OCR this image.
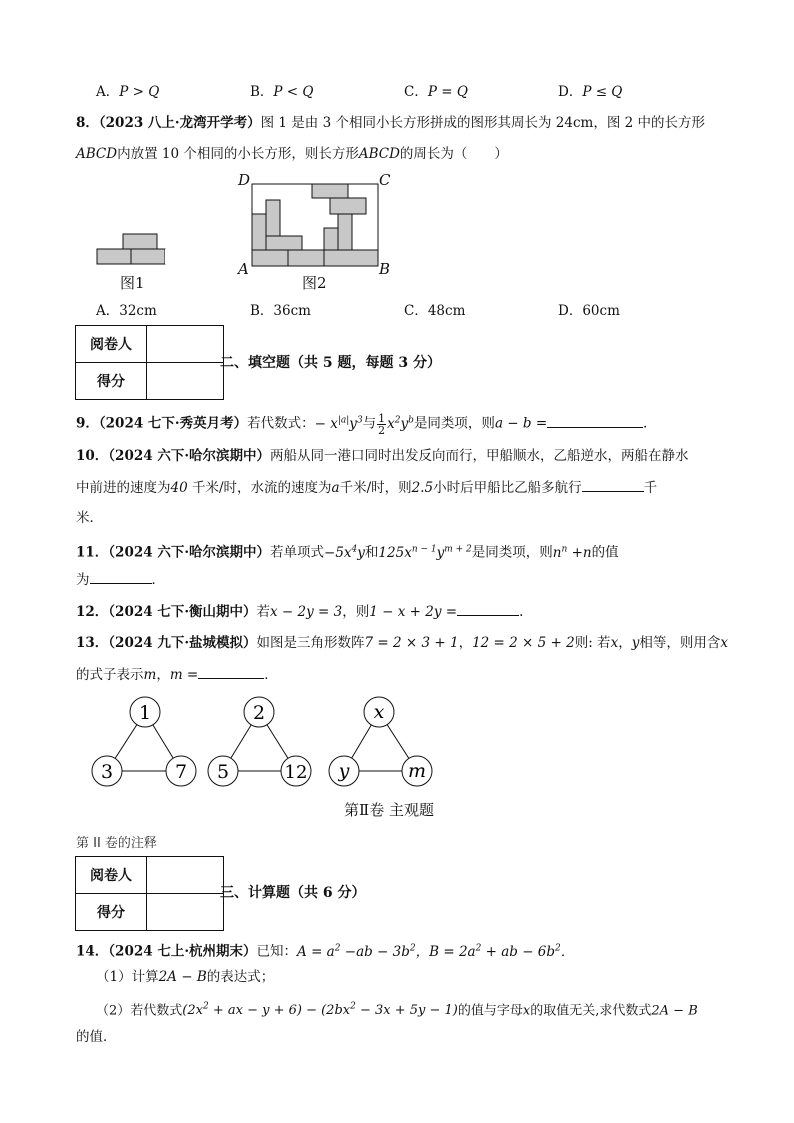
A．P > Q	B．P < Q	C．P = Q	D．P ≤ Q
8．（2023 八上·龙湾开学考）图 1 是由 3 个相同小长方形拼成的图形其周长为 24cm，图 2 中的长方形
ABCD内放置 10 个相同的小长方形，则长方形ABCD的周长为（　　）
图1
D	C
A	B
图2
A．32cm	B．36cm	C．48cm	D．60cm
阅卷人	
得分	
二、填空题（共 5 题，每题 3 分）
9．（2024 七下·秀英月考）若代数式：− $x^{|a|}y^3$与 $\frac{1}{2} x^2y^b$是同类项，则a − b =	．
10．（2024 六下·哈尔滨期中）两船从同一港口同时出发反向而行，甲船顺水，乙船逆水，两船在静水
中前进的速度为40 千米/时，水流的速度为a千米/时，则2.5小时后甲船比乙船多航行	千
米．
11．（2024 六下·哈尔滨期中）若单项式$-5x^4y$和$125x^{n - 1}y^{m + 2}$是同类项，则$n^n +n$的值
为	．
12．（2024 七下·衡山期中）若x − 2y = 3，则1 − x + 2y =	.
13．（2024 九下·盐城模拟）如图是三角形数阵7 = 2 × 3 + 1，12 = 2 × 5 + 2则: 若x，y相等，则用含x
的式子表示m，m =	．
1
3	7
2
5	12
x
y	m
第Ⅱ卷 主观题
第 II 卷的注释
阅卷人	
得分	
三、计算题（共 6 分）
14．（2024 七上·杭州期末）已知：$A = a^2 -ab - 3b^2$，$B = 2a^2$ + ab − $6b^2$．
（1）计算2A − B的表达式；
（2）若代数式($2x^2$ + ax − $y + 6) - (2bx^2 - 3x + 5y - 1)$的值与字母x的取值无关,求代数式2A − B
的值．
